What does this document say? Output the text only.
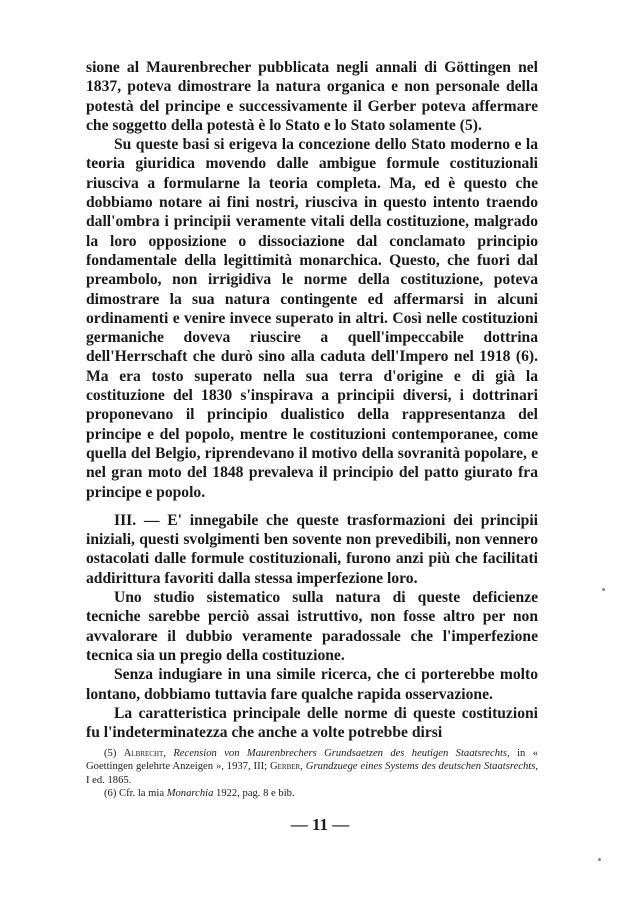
sione al Maurenbrecher pubblicata negli annali di Göttingen nel 1837, poteva dimostrare la natura organica e non personale della potestà del principe e successivamente il Gerber poteva affermare che soggetto della potestà è lo Stato e lo Stato solamente (5).

Su queste basi si erigeva la concezione dello Stato moderno e la teoria giuridica movendo dalle ambigue formule costituzionali riusciva a formularne la teoria completa. Ma, ed è questo che dobbiamo notare ai fini nostri, riusciva in questo intento traendo dall'ombra i principii veramente vitali della costituzione, malgrado la loro opposizione o dissociazione dal conclamato principio fondamentale della legittimità monarchica. Questo, che fuori dal preambolo, non irrigidiva le norme della costituzione, poteva dimostrare la sua natura contingente ed affermarsi in alcuni ordinamenti e venire invece superato in altri. Così nelle costituzioni germaniche doveva riuscire a quell'impeccabile dottrina dell'Herrschaft che durò sino alla caduta dell'Impero nel 1918 (6). Ma era tosto superato nella sua terra d'origine e di già la costituzione del 1830 s'inspirava a principii diversi, i dottrinari proponevano il principio dualistico della rappresentanza del principe e del popolo, mentre le costituzioni contemporanee, come quella del Belgio, riprendevano il motivo della sovranità popolare, e nel gran moto del 1848 prevaleva il principio del patto giurato fra principe e popolo.

III. — E' innegabile che queste trasformazioni dei principii iniziali, questi svolgimenti ben sovente non prevedibili, non vennero ostacolati dalle formule costituzionali, furono anzi più che facilitati addirittura favoriti dalla stessa imperfezione loro.

Uno studio sistematico sulla natura di queste deficienze tecniche sarebbe perciò assai istruttivo, non fosse altro per non avvalorare il dubbio veramente paradossale che l'imperfezione tecnica sia un pregio della costituzione.

Senza indugiare in una simile ricerca, che ci porterebbe molto lontano, dobbiamo tuttavia fare qualche rapida osservazione.

La caratteristica principale delle norme di queste costituzioni fu l'indeterminatezza che anche a volte potrebbe dirsi

(5) Albrecht, Recension von Maurenbrechers Grundsaetzen des heutigen Staatsrechts, in « Goettingen gelehrte Anzeigen », 1937, III; Gerber, Grundzuege eines Systems des deutschen Staatsrechts, I ed. 1865.

(6) Cfr. la mia Monarchia 1922, pag. 8 e bib.

— 11 —
